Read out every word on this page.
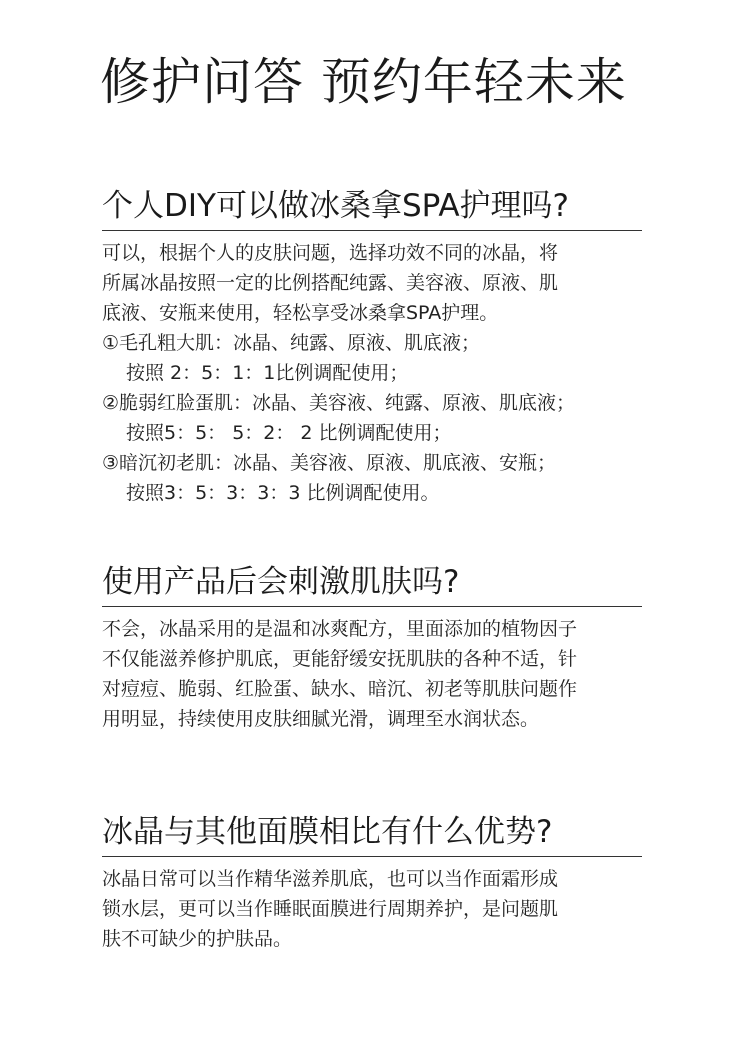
修护问答 预约年轻未来
个人DIY可以做冰桑拿SPA护理吗?

可以，根据个人的皮肤问题，选择功效不同的冰晶，将

所属冰晶按照一定的比例搭配纯露、美容液、原液、肌

底液、安瓶来使用，轻松享受冰桑拿SPA护理。

①毛孔粗大肌：冰晶、纯露、原液、肌底液；

按照 2：5：1：1比例调配使用；

②脆弱红脸蛋肌：冰晶、美容液、纯露、原液、肌底液；

按照5：5： 5：2： 2 比例调配使用；

③暗沉初老肌：冰晶、美容液、原液、肌底液、安瓶；

按照3：5：3：3：3 比例调配使用。

使用产品后会刺激肌肤吗?

不会，冰晶采用的是温和冰爽配方，里面添加的植物因子

不仅能滋养修护肌底，更能舒缓安抚肌肤的各种不适，针

对痘痘、脆弱、红脸蛋、缺水、暗沉、初老等肌肤问题作

用明显，持续使用皮肤细腻光滑，调理至水润状态。

冰晶与其他面膜相比有什么优势?

冰晶日常可以当作精华滋养肌底，也可以当作面霜形成

锁水层，更可以当作睡眠面膜进行周期养护，是问题肌

肤不可缺少的护肤品。
